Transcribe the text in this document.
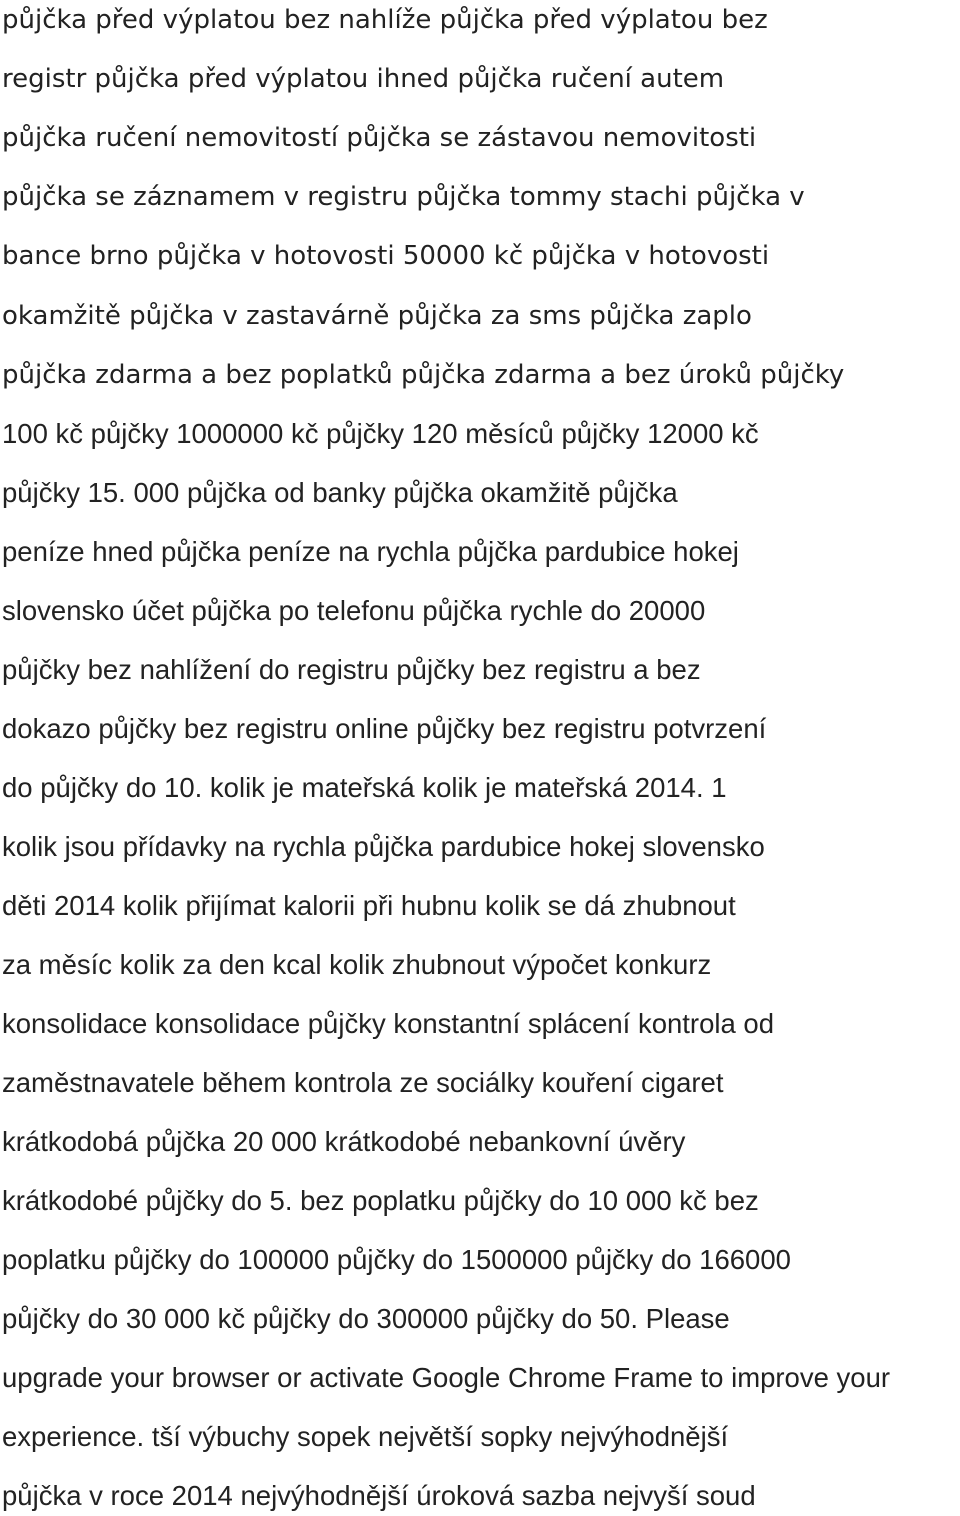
půjčka před výplatou bez nahlíže půjčka před výplatou bez
registr půjčka před výplatou ihned půjčka ručení autem
půjčka ručení nemovitostí půjčka se zástavou nemovitosti
půjčka se záznamem v registru půjčka tommy stachi půjčka v
bance brno půjčka v hotovosti 50000 kč půjčka v hotovosti
okamžitě půjčka v zastavárně půjčka za sms půjčka zaplo
půjčka zdarma a bez poplatků půjčka zdarma a bez úroků půjčky
100 kč půjčky 1000000 kč půjčky 120 měsíců půjčky 12000 kč
půjčky 15. 000 půjčka od banky půjčka okamžitě půjčka
peníze hned půjčka peníze na rychla půjčka pardubice hokej
slovensko účet půjčka po telefonu půjčka rychle do 20000
půjčky bez nahlížení do registru půjčky bez registru a bez
dokazo půjčky bez registru online půjčky bez registru potvrzení
do půjčky do 10. kolik je mateřská kolik je mateřská 2014. 1
kolik jsou přídavky na rychla půjčka pardubice hokej slovensko
děti 2014 kolik přijímat kalorii při hubnu kolik se dá zhubnout
za měsíc kolik za den kcal kolik zhubnout výpočet konkurz
konsolidace konsolidace půjčky konstantní splácení kontrola od
zaměstnavatele během kontrola ze sociálky kouření cigaret
krátkodobá půjčka 20 000 krátkodobé nebankovní úvěry
krátkodobé půjčky do 5. bez poplatku půjčky do 10 000 kč bez
poplatku půjčky do 100000 půjčky do 1500000 půjčky do 166000
půjčky do 30 000 kč půjčky do 300000 půjčky do 50. Please
upgrade your browser or activate Google Chrome Frame to improve your
experience. tší výbuchy sopek největší sopky nejvýhodnější
půjčka v roce 2014 nejvýhodnější úroková sazba nejvyší soud
